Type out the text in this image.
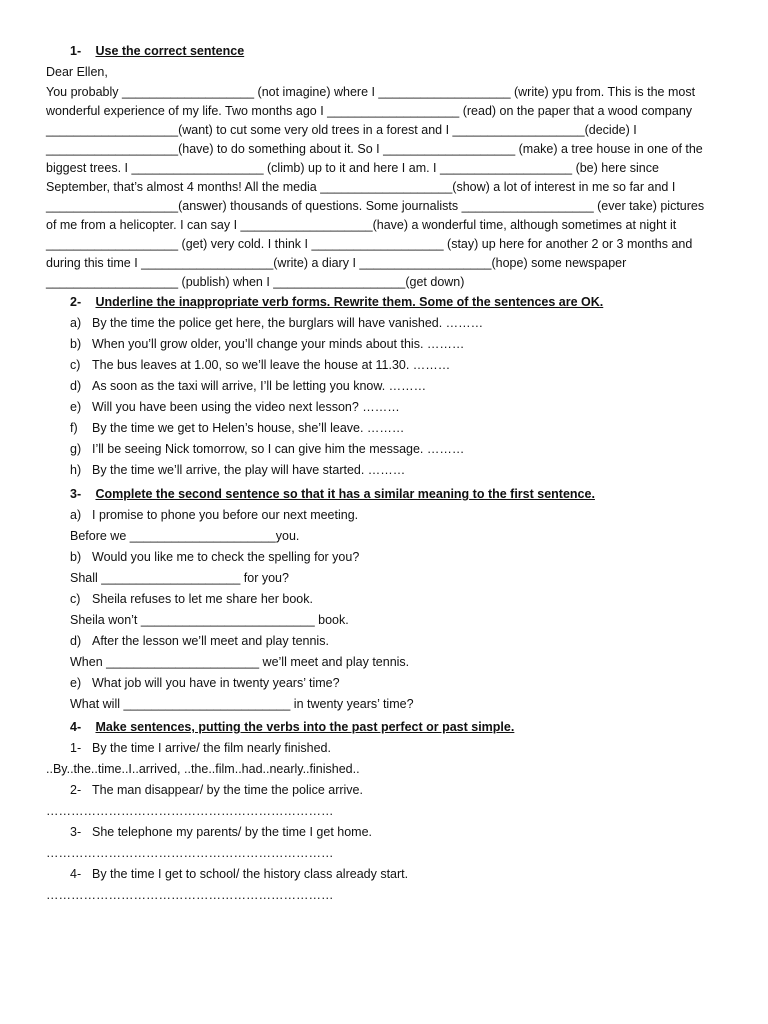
1- Use the correct sentence
Dear Ellen,
You probably ___________________ (not imagine) where I ___________________ (write) ypu from. This is the most
wonderful experience of my life. Two months ago I ___________________ (read) on the paper that a wood company
___________________(want) to cut some very old trees in a forest and I ___________________(decide) I
___________________(have) to do something about it. So I ___________________ (make) a tree house in one of the
biggest trees. I ___________________ (climb) up to it and here I am. I ___________________ (be) here since
September, that’s almost 4 months! All the media ___________________(show) a lot of interest in me so far and I
___________________(answer) thousands of questions. Some journalists ___________________ (ever take) pictures
of me from a helicopter. I can say I ___________________(have) a wonderful time, although sometimes at night it
___________________ (get) very cold. I think I ___________________ (stay) up here for another 2 or 3 months and
during this time I ___________________(write) a diary I ___________________(hope) some newspaper
___________________ (publish) when I ___________________(get down)
2- Underline the inappropriate verb forms. Rewrite them. Some of the sentences are OK.
a) By the time the police get here, the burglars will have vanished. ………
b) When you’ll grow older, you’ll change your minds about this. ………
c) The bus leaves at 1.00, so we’ll leave the house at 11.30. ………
d) As soon as the taxi will arrive, I’ll be letting you know. ………
e) Will you have been using the video next lesson? ………
f) By the time we get to Helen’s house, she’ll leave. ………
g) I’ll be seeing Nick tomorrow, so I can give him the message. ………
h) By the time we’ll arrive, the play will have started. ………
3- Complete the second sentence so that it has a similar meaning to the first sentence.
a) I promise to phone you before our next meeting.
Before we _____________________you.
b) Would you like me to check the spelling for you?
Shall ____________________ for you?
c) Sheila refuses to let me share her book.
Sheila won’t _________________________ book.
d) After the lesson we’ll meet and play tennis.
When ______________________ we’ll meet and play tennis.
e) What job will you have in twenty years’ time?
What will ________________________ in twenty years’ time?
4- Make sentences, putting the verbs into the past perfect or past simple.
1- By the time I arrive/ the film nearly finished.
..By..the..time..I..arrived, ..the..film..had..nearly..finished..
2- The man disappear/ by the time the police arrive.
……………………………………………………………
3- She telephone my parents/ by the time I get home.
……………………………………………………………
4- By the time I get to school/ the history class already start.
……………………………………………………………
